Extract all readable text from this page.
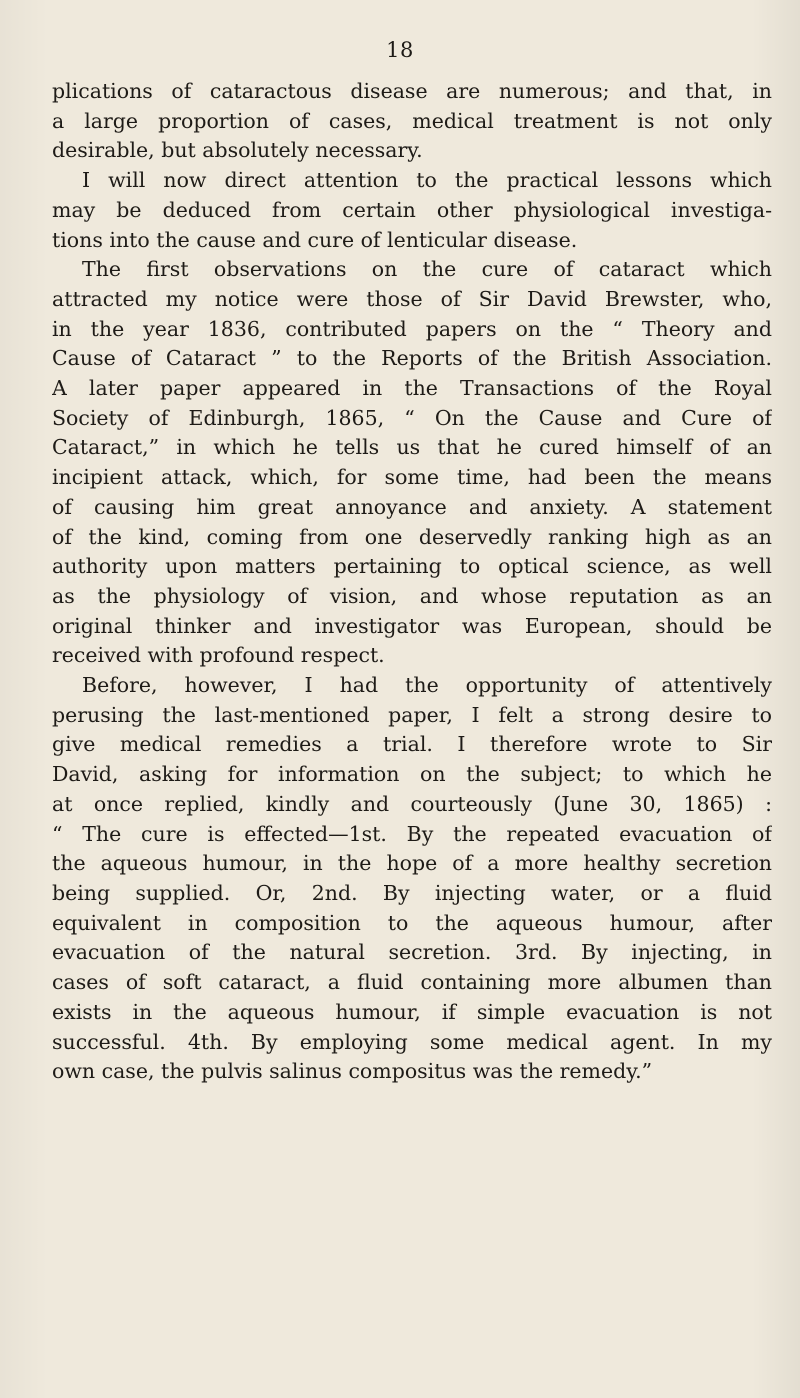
18

plications of cataractous disease are numerous; and that, in
a large proportion of cases, medical treatment is not only
desirable, but absolutely necessary.

I will now direct attention to the practical lessons which
may be deduced from certain other physiological investiga-
tions into the cause and cure of lenticular disease.

The first observations on the cure of cataract which
attracted my notice were those of Sir David Brewster, who,
in the year 1836, contributed papers on the “ Theory and
Cause of Cataract ” to the Reports of the British Association.
A later paper appeared in the Transactions of the Royal
Society of Edinburgh, 1865, “ On the Cause and Cure of
Cataract,” in which he tells us that he cured himself of an
incipient attack, which, for some time, had been the means
of causing him great annoyance and anxiety. A statement
of the kind, coming from one deservedly ranking high as an
authority upon matters pertaining to optical science, as well
as the physiology of vision, and whose reputation as an
original thinker and investigator was European, should be
received with profound respect.

Before, however, I had the opportunity of attentively
perusing the last-mentioned paper, I felt a strong desire to
give medical remedies a trial. I therefore wrote to Sir
David, asking for information on the subject; to which he
at once replied, kindly and courteously (June 30, 1865) :
“ The cure is effected—1st. By the repeated evacuation of
the aqueous humour, in the hope of a more healthy secretion
being supplied. Or, 2nd. By injecting water, or a fluid
equivalent in composition to the aqueous humour, after
evacuation of the natural secretion. 3rd. By injecting, in
cases of soft cataract, a fluid containing more albumen than
exists in the aqueous humour, if simple evacuation is not
successful. 4th. By employing some medical agent. In my
own case, the pulvis salinus compositus was the remedy.”
